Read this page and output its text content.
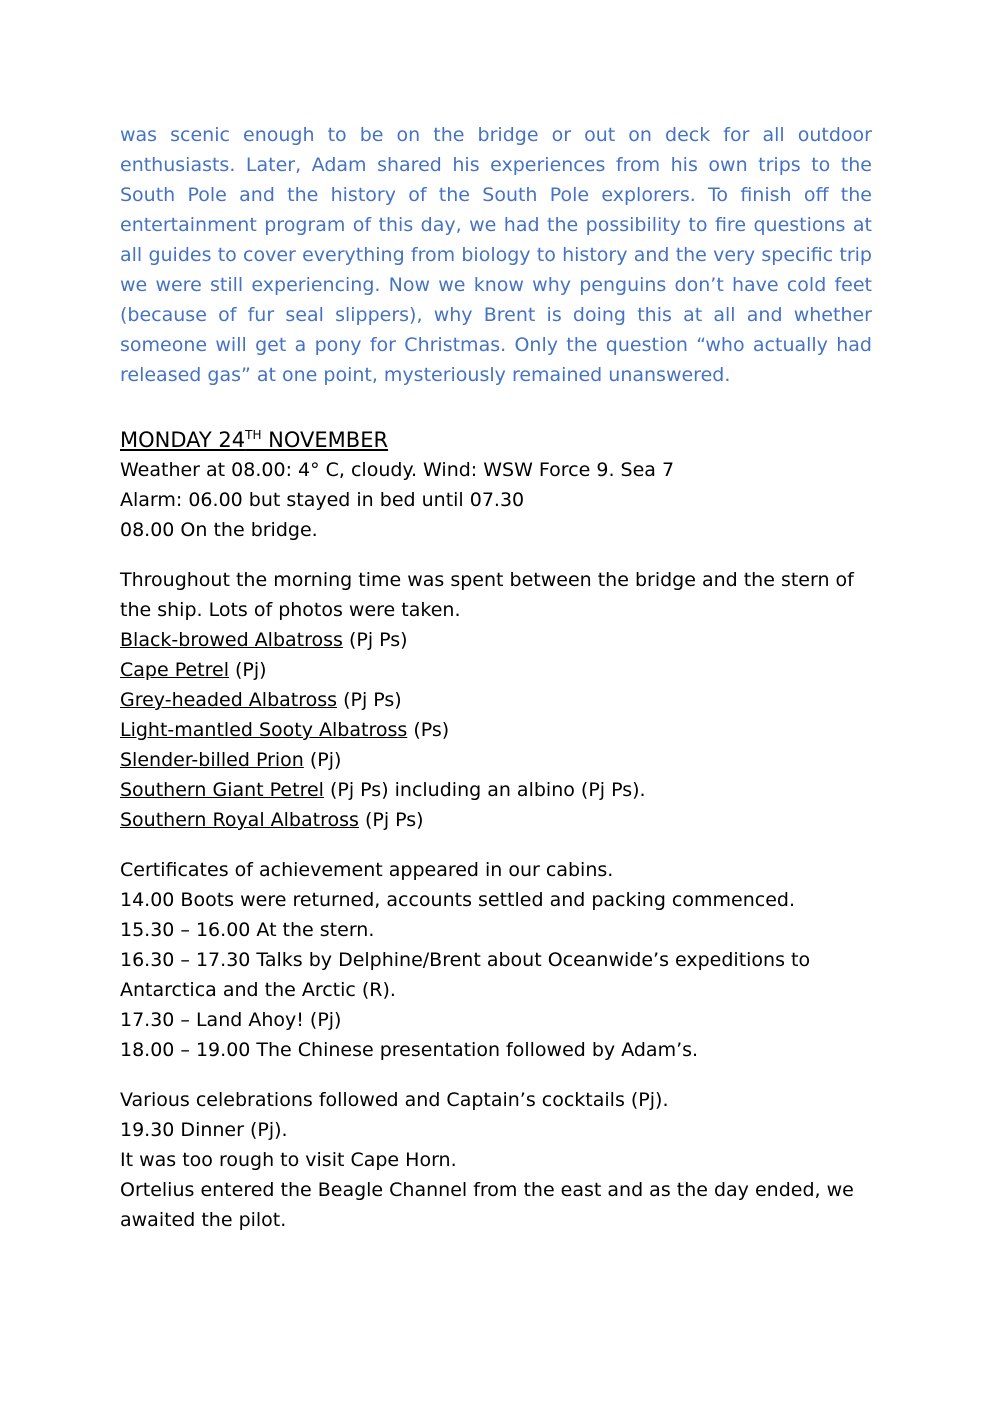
was scenic enough to be on the bridge or out on deck for all outdoor enthusiasts. Later, Adam shared his experiences from his own trips to the South Pole and the history of the South Pole explorers. To finish off the entertainment program of this day, we had the possibility to fire questions at all guides to cover everything from biology to history and the very specific trip we were still experiencing. Now we know why penguins don’t have cold feet (because of fur seal slippers), why Brent is doing this at all and whether someone will get a pony for Christmas. Only the question “who actually had released gas” at one point, mysteriously remained unanswered.

MONDAY 24TH NOVEMBER

Weather at 08.00: 4° C, cloudy. Wind: WSW Force 9. Sea 7

Alarm: 06.00 but stayed in bed until 07.30

08.00 On the bridge.

Throughout the morning time was spent between the bridge and the stern of

the ship. Lots of photos were taken.

Black-browed Albatross (Pj Ps)

Cape Petrel (Pj)

Grey-headed Albatross (Pj Ps)

Light-mantled Sooty Albatross (Ps)

Slender-billed Prion (Pj)

Southern Giant Petrel (Pj Ps) including an albino (Pj Ps).

Southern Royal Albatross (Pj Ps)

Certificates of achievement appeared in our cabins.

14.00 Boots were returned, accounts settled and packing commenced.

15.30 – 16.00 At the stern.

16.30 – 17.30 Talks by Delphine/Brent about Oceanwide’s expeditions to

Antarctica and the Arctic (R).

17.30 – Land Ahoy! (Pj)

18.00 – 19.00 The Chinese presentation followed by Adam’s.

Various celebrations followed and Captain’s cocktails (Pj).

19.30 Dinner (Pj).

It was too rough to visit Cape Horn.

Ortelius entered the Beagle Channel from the east and as the day ended, we

awaited the pilot.
